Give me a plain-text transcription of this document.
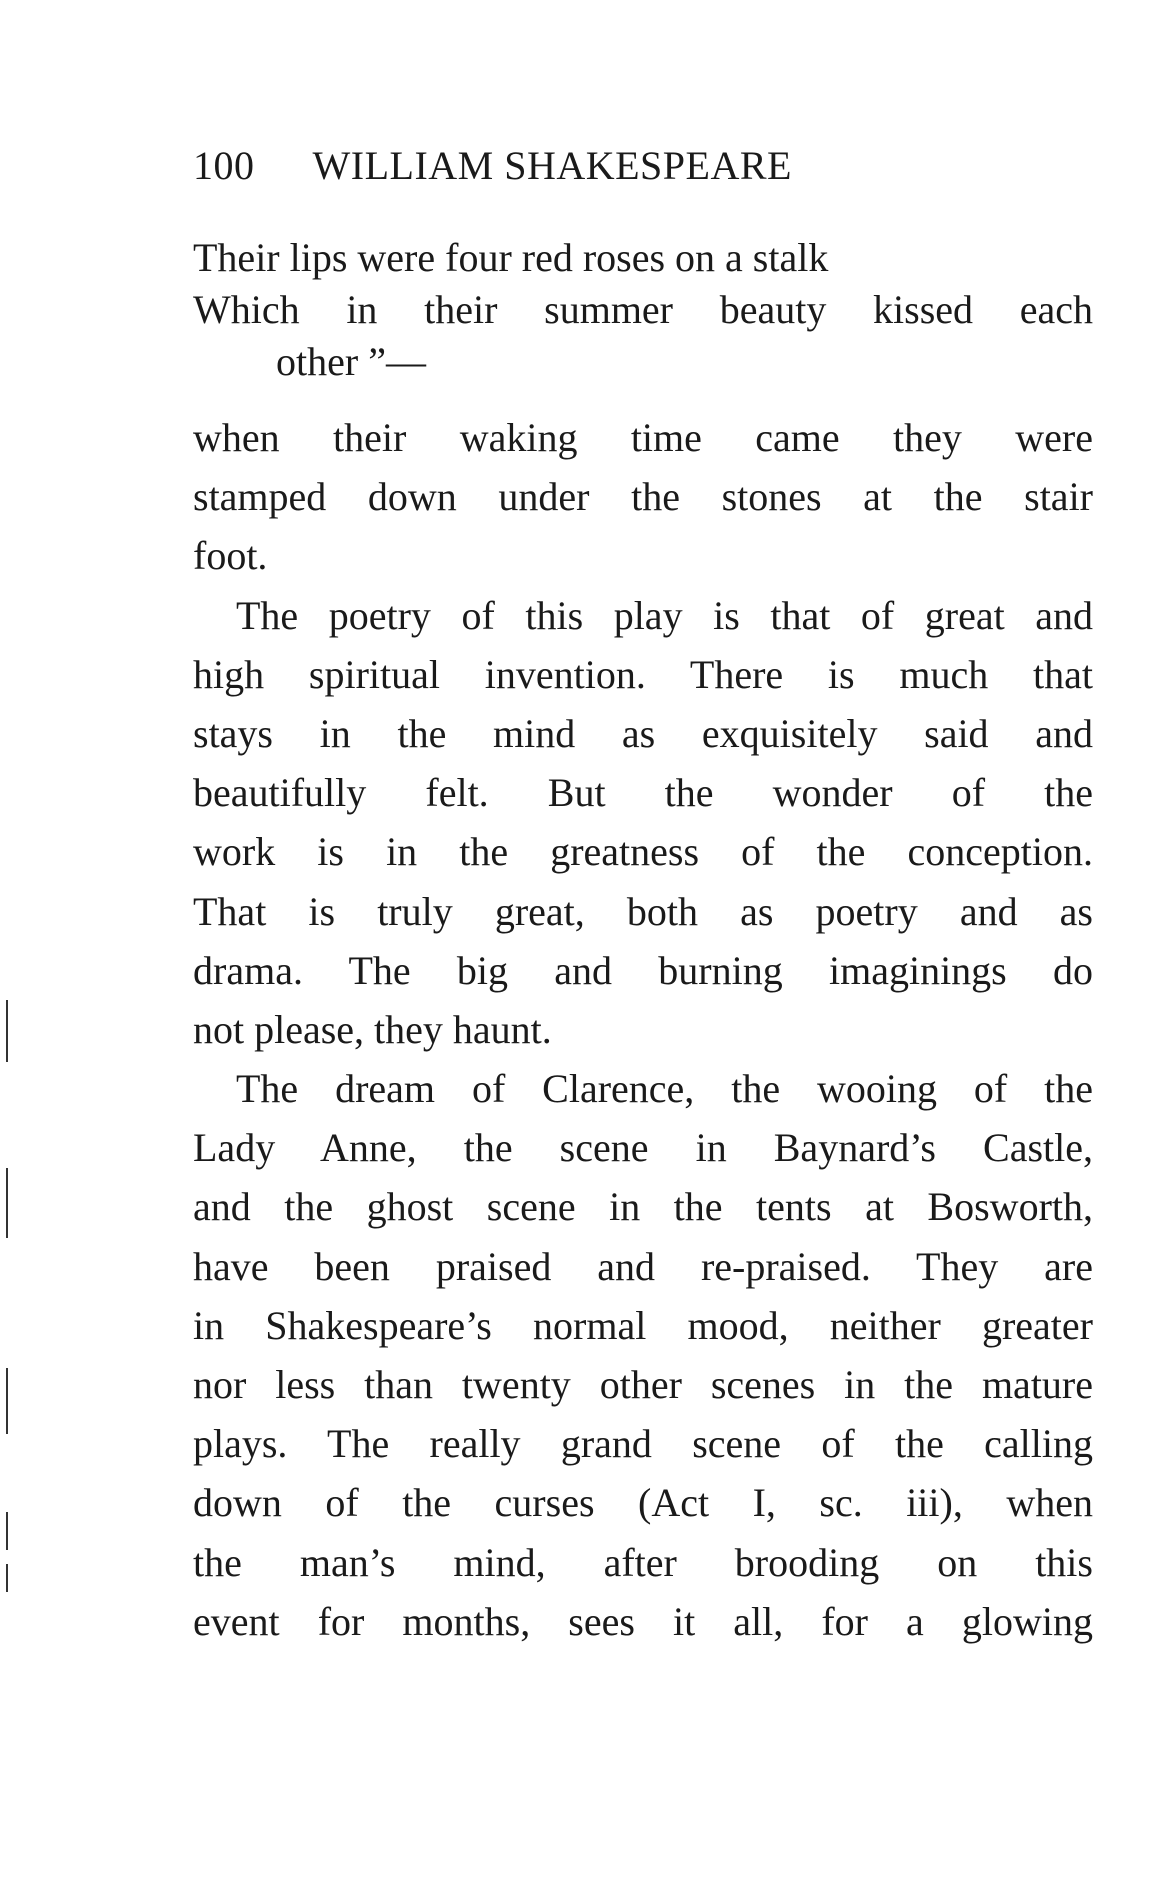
100 WILLIAM SHAKESPEARE
Their lips were four red roses on a stalk
Which in their summer beauty kissed each
other ”—
when their waking time came they were
stamped down under the stones at the stair
foot.
The poetry of this play is that of great and
high spiritual invention. There is much that
stays in the mind as exquisitely said and
beautifully felt. But the wonder of the
work is in the greatness of the conception.
That is truly great, both as poetry and as
drama. The big and burning imaginings do
not please, they haunt.
The dream of Clarence, the wooing of the
Lady Anne, the scene in Baynard’s Castle,
and the ghost scene in the tents at Bosworth,
have been praised and re-praised. They are
in Shakespeare’s normal mood, neither greater
nor less than twenty other scenes in the mature
plays. The really grand scene of the calling
down of the curses (Act I, sc. iii), when
the man’s mind, after brooding on this
event for months, sees it all, for a glowing
